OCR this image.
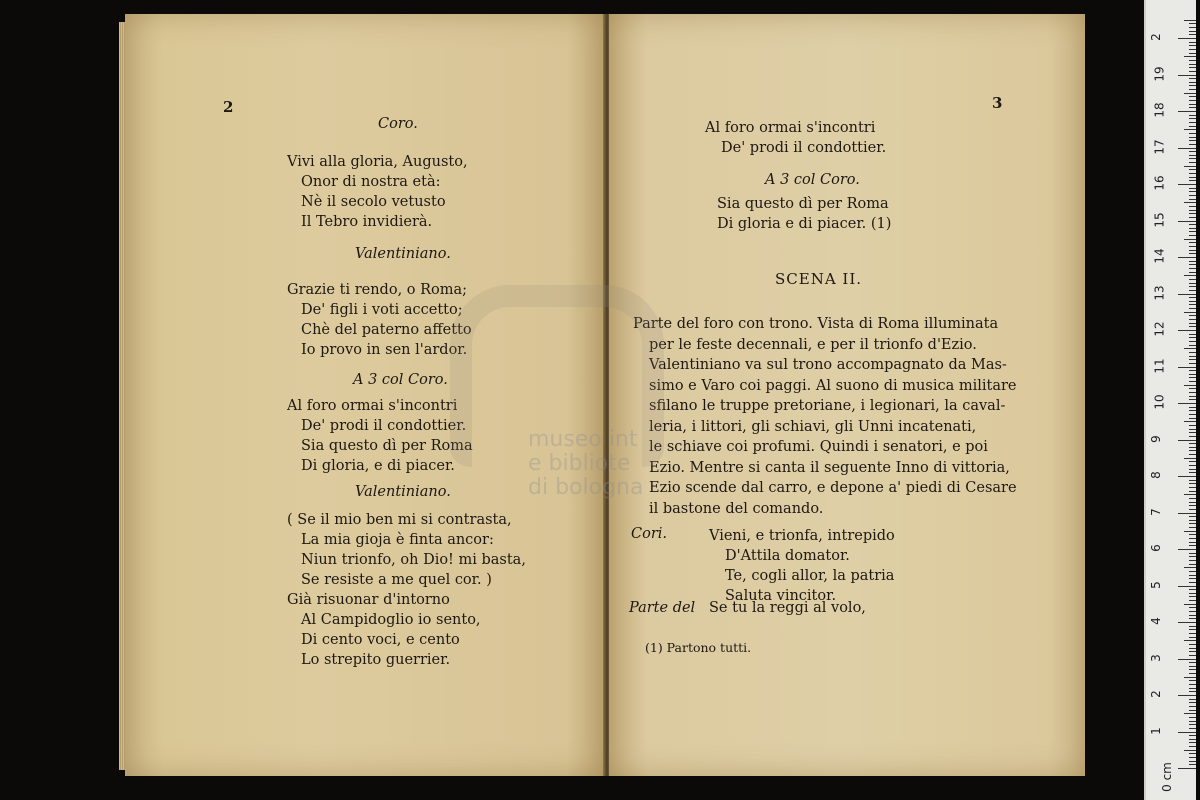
2
Coro.
Vivi alla gloria, Augusto,
Onor di nostra età:
Nè il secolo vetusto
Il Tebro invidierà.
Valentiniano.
Grazie ti rendo, o Roma;
De' figli i voti accetto;
Chè del paterno affetto
Io provo in sen l'ardor.
A 3 col Coro.
Al foro ormai s'incontri
De' prodi il condottier.
Sia questo dì per Roma
Di gloria, e di piacer.
Valentiniano.
( Se il mio ben mi si contrasta,
La mia gioja è finta ancor:
Niun trionfo, oh Dio! mi basta,
Se resiste a me quel cor. )
Già risuonar d'intorno
Al Campidoglio io sento,
Di cento voci, e cento
Lo strepito guerrier.
3
Al foro ormai s'incontri
De' prodi il condottier.
A 3 col Coro.
Sia questo dì per Roma
Di gloria e di piacer. (1)
SCENA II.
Parte del foro con trono. Vista di Roma illuminata
per le feste decennali, e per il trionfo d'Ezio.
Valentiniano va sul trono accompagnato da Mas-
simo e Varo coi paggi. Al suono di musica militare
sfilano le truppe pretoriane, i legionari, la caval-
leria, i littori, gli schiavi, gli Unni incatenati,
le schiave coi profumi. Quindi i senatori, e poi
Ezio. Mentre si canta il seguente Inno di vittoria,
Ezio scende dal carro, e depone a' piedi di Cesare
il bastone del comando.
Cori.	Vieni, e trionfa, intrepido
D'Attila domator.
Te, cogli allor, la patria
Saluta vincitor.
Parte del Se tu la reggi al volo,
(1) Partono tutti.
museo int
e bibliote
di bologna
0 cm
1
2
3
4
5
6
7
8
9
10
11
12
13
14
15
16
17
18
19
2
